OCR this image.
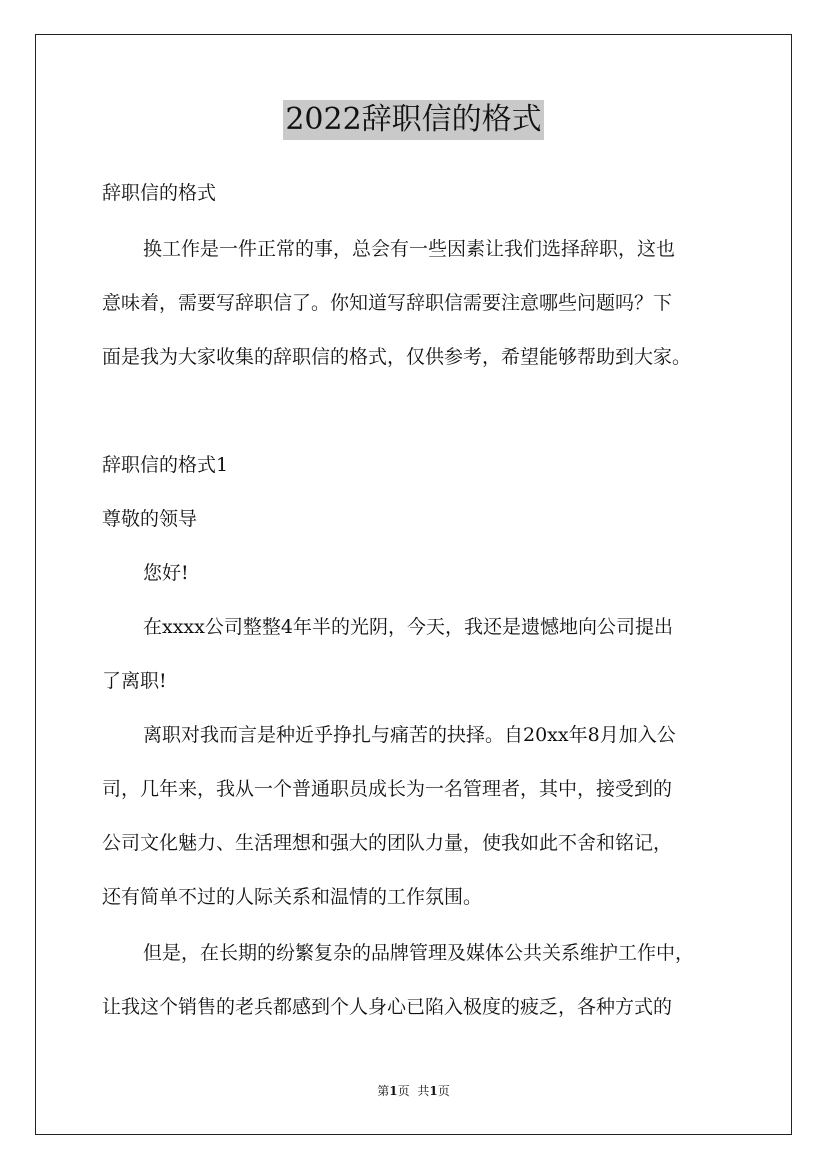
2022辞职信的格式
辞职信的格式
换工作是一件正常的事，总会有一些因素让我们选择辞职，这也
意味着，需要写辞职信了。你知道写辞职信需要注意哪些问题吗？下
面是我为大家收集的辞职信的格式，仅供参考，希望能够帮助到大家。
辞职信的格式1
尊敬的领导
您好!
在xxxx公司整整4年半的光阴，今天，我还是遗憾地向公司提出
了离职!
离职对我而言是种近乎挣扎与痛苦的抉择。自20xx年8月加入公
司，几年来，我从一个普通职员成长为一名管理者，其中，接受到的
公司文化魅力、生活理想和强大的团队力量，使我如此不舍和铭记，
还有简单不过的人际关系和温情的工作氛围。
但是，在长期的纷繁复杂的品牌管理及媒体公共关系维护工作中，
让我这个销售的老兵都感到个人身心已陷入极度的疲乏，各种方式的
第1页 共1页
